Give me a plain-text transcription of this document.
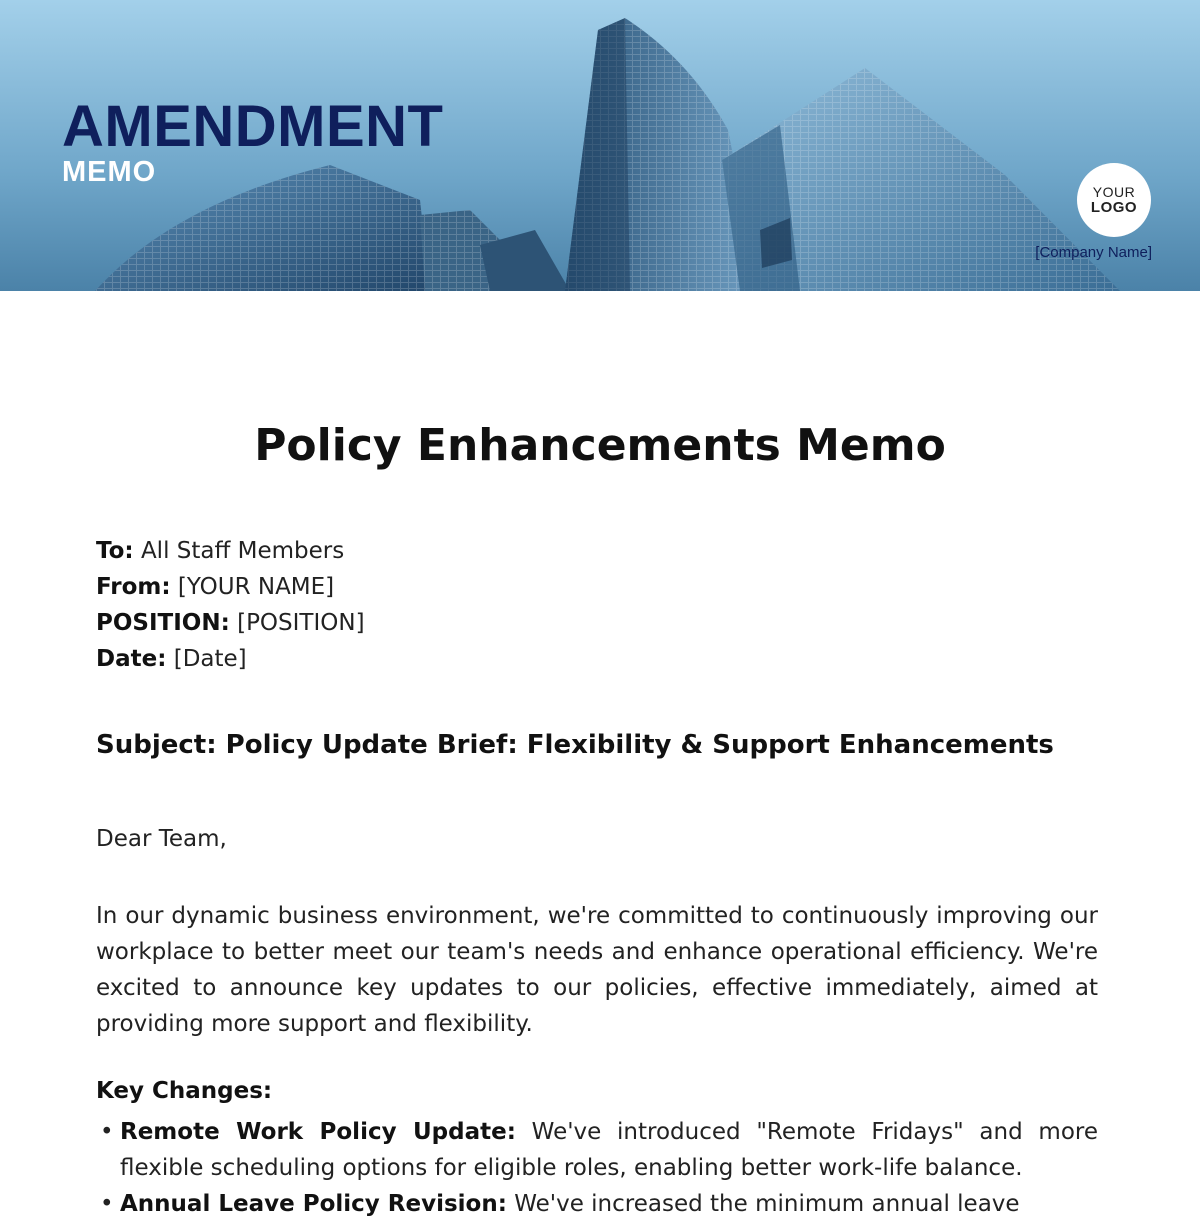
AMENDMENT
MEMO
YOUR
LOGO
[Company Name]
Policy Enhancements Memo
To: All Staff Members
From: [YOUR NAME]
POSITION: [POSITION]
Date: [Date]

Subject: Policy Update Brief: Flexibility & Support Enhancements

Dear Team,

In our dynamic business environment, we're committed to continuously improving our workplace to better meet our team's needs and enhance operational efficiency. We're excited to announce key updates to our policies, effective immediately, aimed at providing more support and flexibility.

Key Changes:

• Remote Work Policy Update: We've introduced "Remote Fridays" and more flexible scheduling options for eligible roles, enabling better work-life balance.
• Annual Leave Policy Revision: We've increased the minimum annual leave
